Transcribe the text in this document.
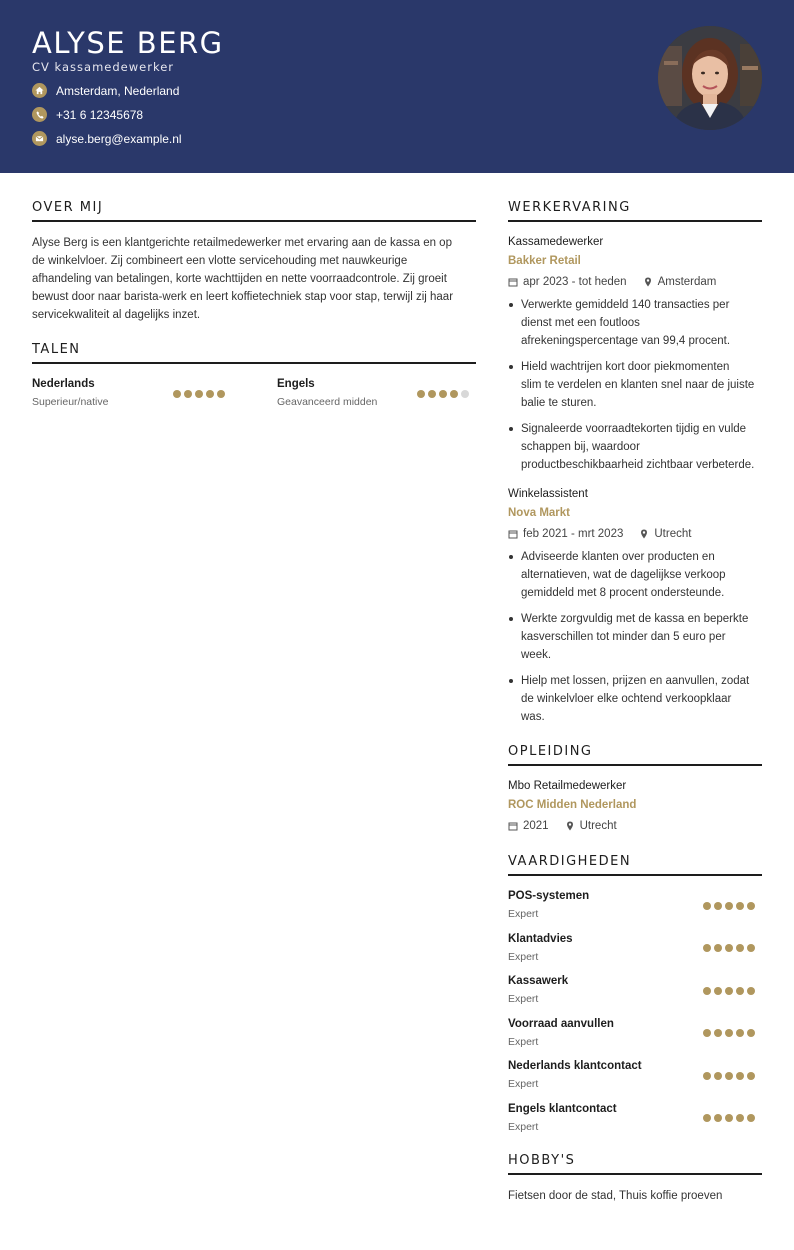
ALYSE BERG
CV kassamedewerker
Amsterdam, Nederland
+31 6 12345678
alyse.berg@example.nl
OVER MIJ
Alyse Berg is een klantgerichte retailmedewerker met ervaring aan de kassa en op
de winkelvloer. Zij combineert een vlotte servicehouding met nauwkeurige
afhandeling van betalingen, korte wachttijden en nette voorraadcontrole. Zij groeit
bewust door naar barista-werk en leert koffietechniek stap voor stap, terwijl zij haar
servicekwaliteit al dagelijks inzet.
TALEN
Nederlands
Superieur/native
Engels
Geavanceerd midden
WERKERVARING
Kassamedewerker
Bakker Retail
apr 2023 - tot heden	Amsterdam
Verwerkte gemiddeld 140 transacties per
dienst met een foutloos
afrekeningspercentage van 99,4 procent.
Hield wachtrijen kort door piekmomenten
slim te verdelen en klanten snel naar de juiste
balie te sturen.
Signaleerde voorraadtekorten tijdig en vulde
schappen bij, waardoor
productbeschikbaarheid zichtbaar verbeterde.
Winkelassistent
Nova Markt
feb 2021 - mrt 2023	Utrecht
Adviseerde klanten over producten en
alternatieven, wat de dagelijkse verkoop
gemiddeld met 8 procent ondersteunde.
Werkte zorgvuldig met de kassa en beperkte
kasverschillen tot minder dan 5 euro per
week.
Hielp met lossen, prijzen en aanvullen, zodat
de winkelvloer elke ochtend verkoopklaar
was.
OPLEIDING
Mbo Retailmedewerker
ROC Midden Nederland
2021	Utrecht
VAARDIGHEDEN
POS-systemen
Expert
Klantadvies
Expert
Kassawerk
Expert
Voorraad aanvullen
Expert
Nederlands klantcontact
Expert
Engels klantcontact
Expert
HOBBY'S
Fietsen door de stad, Thuis koffie proeven
